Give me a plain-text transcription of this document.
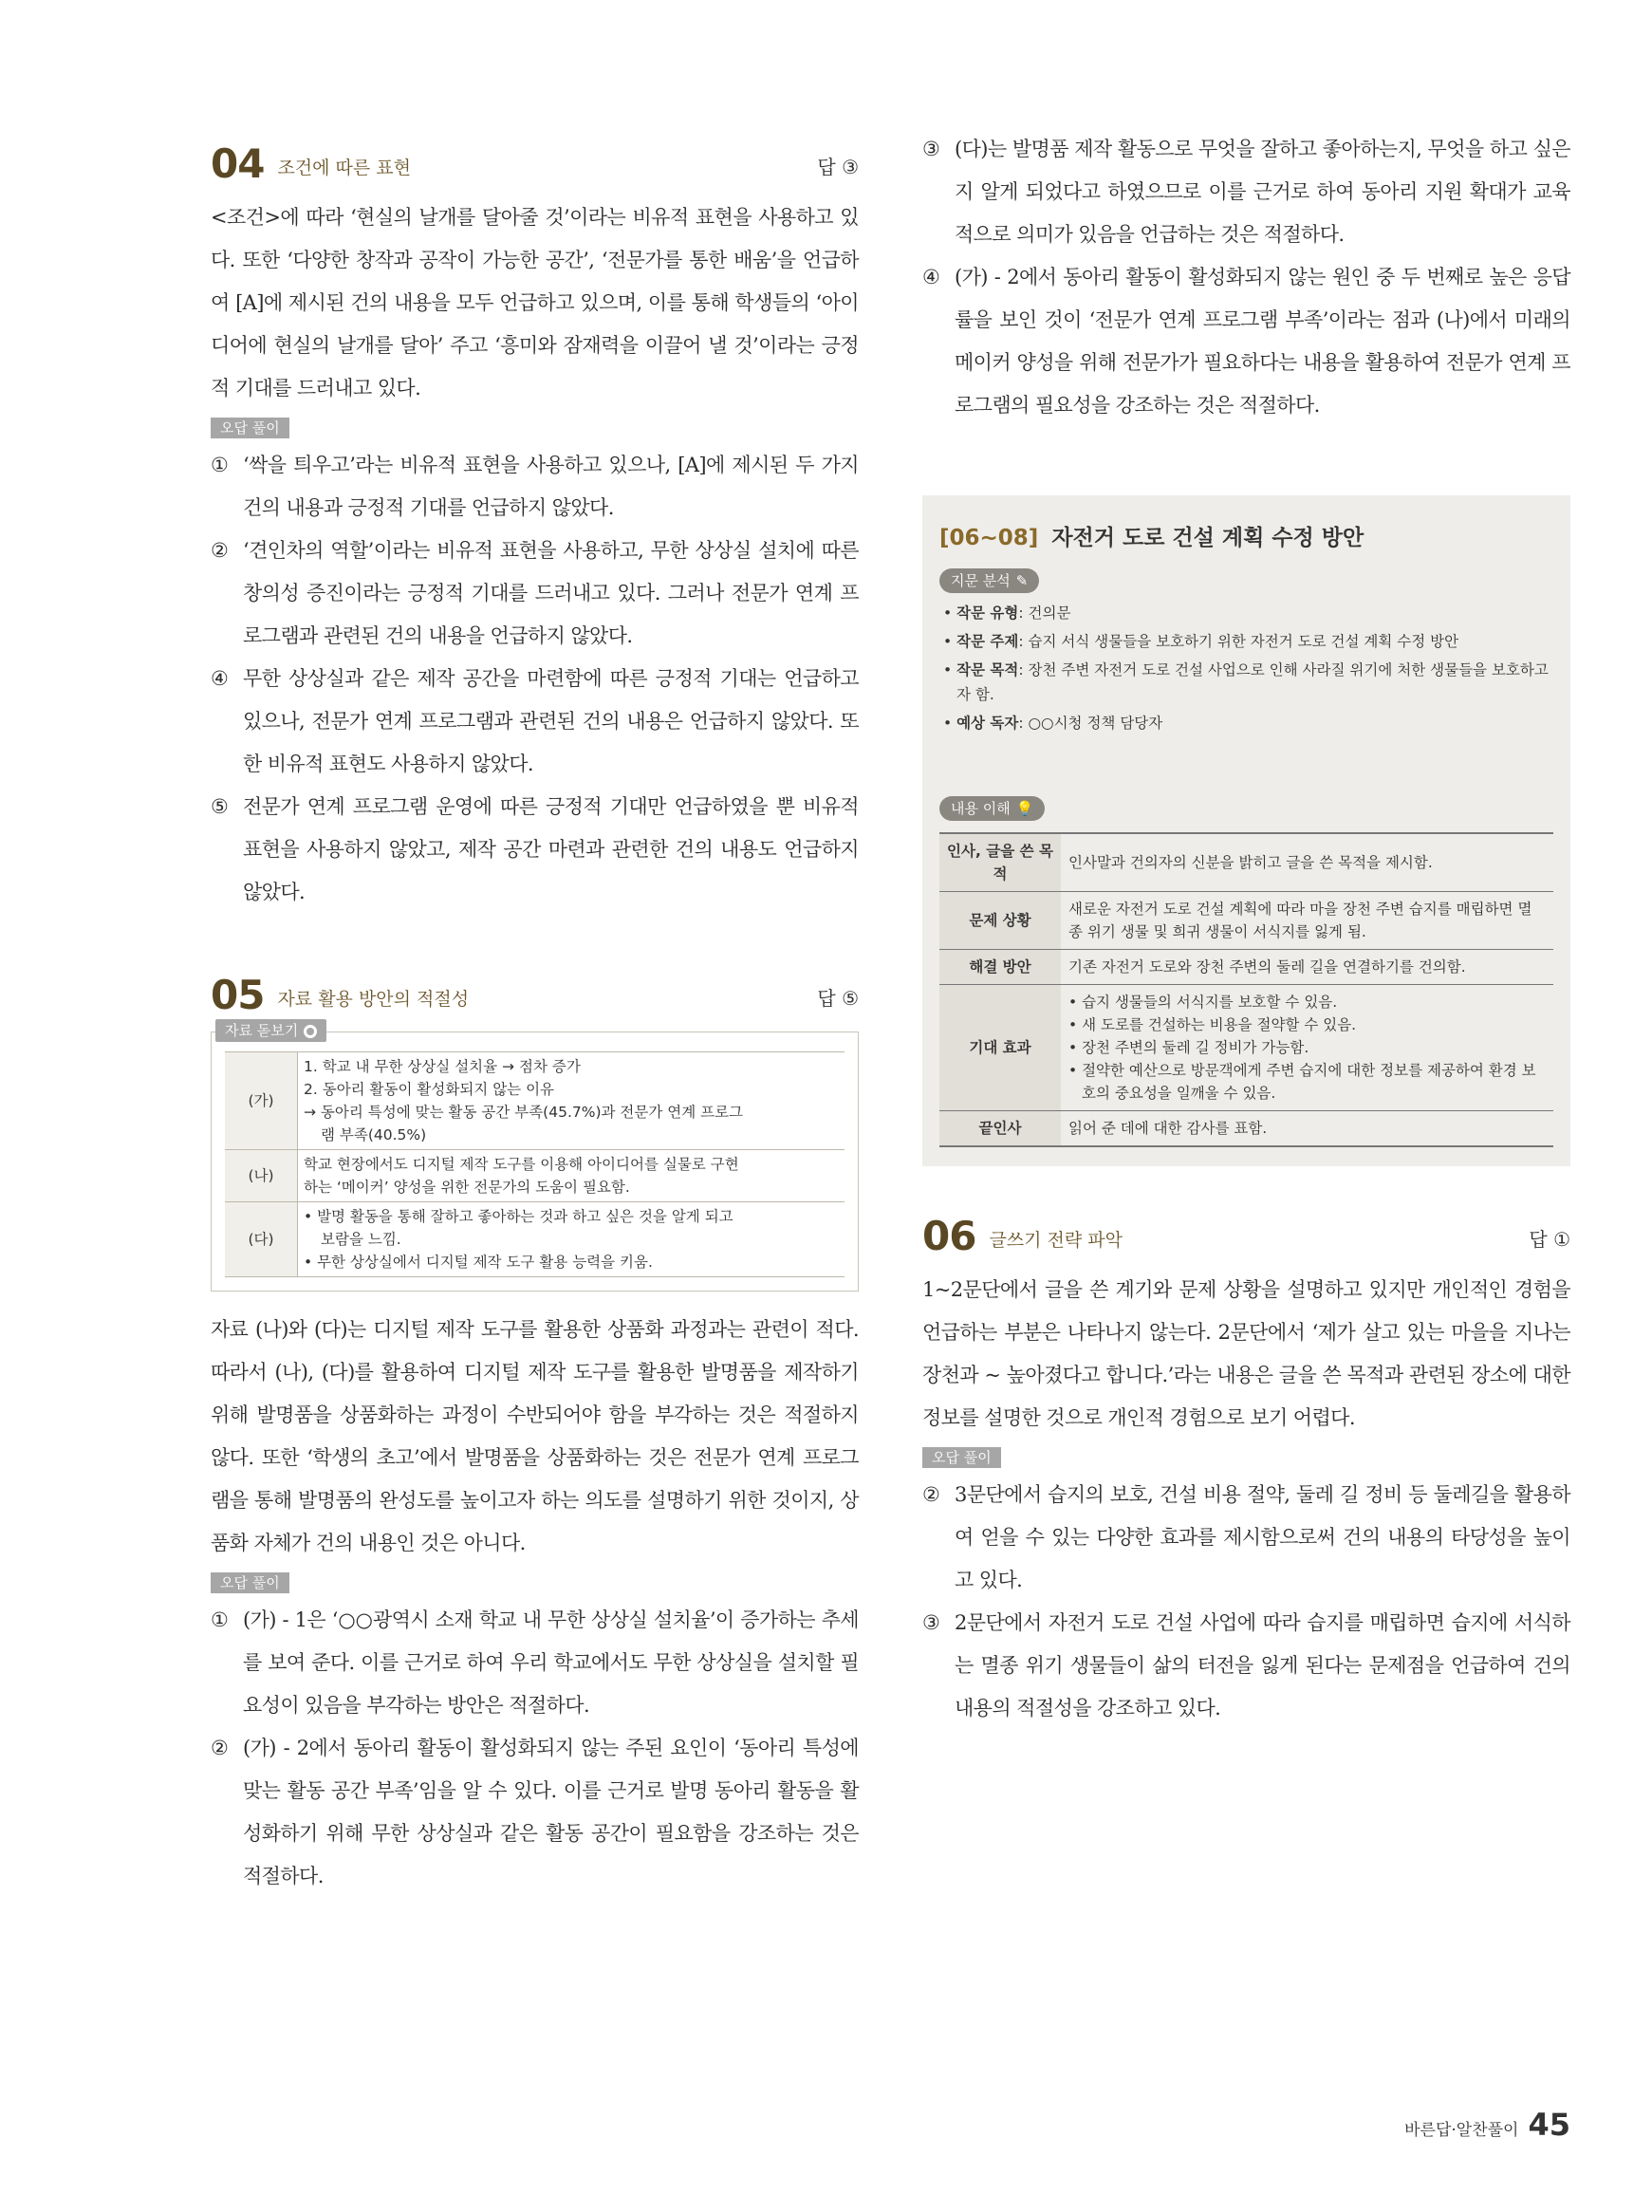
04 조건에 따른 표현	답 ③

<조건>에 따라 ‘현실의 날개를 달아줄 것’이라는 비유적 표현을 사용하고 있다. 또한 ‘다양한 창작과 공작이 가능한 공간’, ‘전문가를 통한 배움’을 언급하여 [A]에 제시된 건의 내용을 모두 언급하고 있으며, 이를 통해 학생들의 ‘아이디어에 현실의 날개를 달아’ 주고 ‘흥미와 잠재력을 이끌어 낼 것’이라는 긍정적 기대를 드러내고 있다.

오답 풀이
① ‘싹을 틔우고’라는 비유적 표현을 사용하고 있으나, [A]에 제시된 두 가지 건의 내용과 긍정적 기대를 언급하지 않았다.
② ‘견인차의 역할’이라는 비유적 표현을 사용하고, 무한 상상실 설치에 따른 창의성 증진이라는 긍정적 기대를 드러내고 있다. 그러나 전문가 연계 프로그램과 관련된 건의 내용을 언급하지 않았다.
④ 무한 상상실과 같은 제작 공간을 마련함에 따른 긍정적 기대는 언급하고 있으나, 전문가 연계 프로그램과 관련된 건의 내용은 언급하지 않았다. 또한 비유적 표현도 사용하지 않았다.
⑤ 전문가 연계 프로그램 운영에 따른 긍정적 기대만 언급하였을 뿐 비유적 표현을 사용하지 않았고, 제작 공간 마련과 관련한 건의 내용도 언급하지 않았다.
05 자료 활용 방안의 적절성	답 ⑤
자료 돋보기
(가)	1. 학교 내 무한 상상실 설치율 → 점차 증가
2. 동아리 활동이 활성화되지 않는 이유
→ 동아리 특성에 맞는 활동 공간 부족(45.7%)과 전문가 연계 프로그
램 부족(40.5%)

(나)	학교 현장에서도 디지털 제작 도구를 이용해 아이디어를 실물로 구현
하는 ‘메이커’ 양성을 위한 전문가의 도움이 필요함.

(다)	• 발명 활동을 통해 잘하고 좋아하는 것과 하고 싶은 것을 알게 되고
보람을 느낌.
• 무한 상상실에서 디지털 제작 도구 활용 능력을 키움.

자료 (나)와 (다)는 디지털 제작 도구를 활용한 상품화 과정과는 관련이 적다. 따라서 (나), (다)를 활용하여 디지털 제작 도구를 활용한 발명품을 제작하기 위해 발명품을 상품화하는 과정이 수반되어야 함을 부각하는 것은 적절하지 않다. 또한 ‘학생의 초고’에서 발명품을 상품화하는 것은 전문가 연계 프로그램을 통해 발명품의 완성도를 높이고자 하는 의도를 설명하기 위한 것이지, 상품화 자체가 건의 내용인 것은 아니다.

오답 풀이
① (가) - 1은 ‘○○광역시 소재 학교 내 무한 상상실 설치율’이 증가하는 추세를 보여 준다. 이를 근거로 하여 우리 학교에서도 무한 상상실을 설치할 필요성이 있음을 부각하는 방안은 적절하다.
② (가) - 2에서 동아리 활동이 활성화되지 않는 주된 요인이 ‘동아리 특성에 맞는 활동 공간 부족’임을 알 수 있다. 이를 근거로 발명 동아리 활동을 활성화하기 위해 무한 상상실과 같은 활동 공간이 필요함을 강조하는 것은 적절하다.
③ (다)는 발명품 제작 활동으로 무엇을 잘하고 좋아하는지, 무엇을 하고 싶은지 알게 되었다고 하였으므로 이를 근거로 하여 동아리 지원 확대가 교육적으로 의미가 있음을 언급하는 것은 적절하다.
④ (가) - 2에서 동아리 활동이 활성화되지 않는 원인 중 두 번째로 높은 응답률을 보인 것이 ‘전문가 연계 프로그램 부족’이라는 점과 (나)에서 미래의 메이커 양성을 위해 전문가가 필요하다는 내용을 활용하여 전문가 연계 프로그램의 필요성을 강조하는 것은 적절하다.
[06~08] 자전거 도로 건설 계획 수정 방안
지문 분석 ✎
• 작문 유형: 건의문
• 작문 주제: 습지 서식 생물들을 보호하기 위한 자전거 도로 건설 계획 수정 방안
• 작문 목적: 장천 주변 자전거 도로 건설 사업으로 인해 사라질 위기에 처한 생물들을 보호하고자 함.
• 예상 독자: ○○시청 정책 담당자
내용 이해 💡
인사, 글을 쓴 목적	인사말과 건의자의 신분을 밝히고 글을 쓴 목적을 제시함.

문제 상황	새로운 자전거 도로 건설 계획에 따라 마을 장천 주변 습지를 매립하면 멸종 위기 생물 및 희귀 생물이 서식지를 잃게 됨.

해결 방안	기존 자전거 도로와 장천 주변의 둘레 길을 연결하기를 건의함.

기대 효과	• 습지 생물들의 서식지를 보호할 수 있음.
• 새 도로를 건설하는 비용을 절약할 수 있음.
• 장천 주변의 둘레 길 정비가 가능함.
• 절약한 예산으로 방문객에게 주변 습지에 대한 정보를 제공하여 환경 보호의 중요성을 일깨울 수 있음.

끝인사	읽어 준 데에 대한 감사를 표함.
06 글쓰기 전략 파악	답 ①

1~2문단에서 글을 쓴 계기와 문제 상황을 설명하고 있지만 개인적인 경험을 언급하는 부분은 나타나지 않는다. 2문단에서 ‘제가 살고 있는 마을을 지나는 장천과 ~ 높아졌다고 합니다.’라는 내용은 글을 쓴 목적과 관련된 장소에 대한 정보를 설명한 것으로 개인적 경험으로 보기 어렵다.

오답 풀이
② 3문단에서 습지의 보호, 건설 비용 절약, 둘레 길 정비 등 둘레길을 활용하여 얻을 수 있는 다양한 효과를 제시함으로써 건의 내용의 타당성을 높이고 있다.
③ 2문단에서 자전거 도로 건설 사업에 따라 습지를 매립하면 습지에 서식하는 멸종 위기 생물들이 삶의 터전을 잃게 된다는 문제점을 언급하여 건의 내용의 적절성을 강조하고 있다.
바른답·알찬풀이 45
